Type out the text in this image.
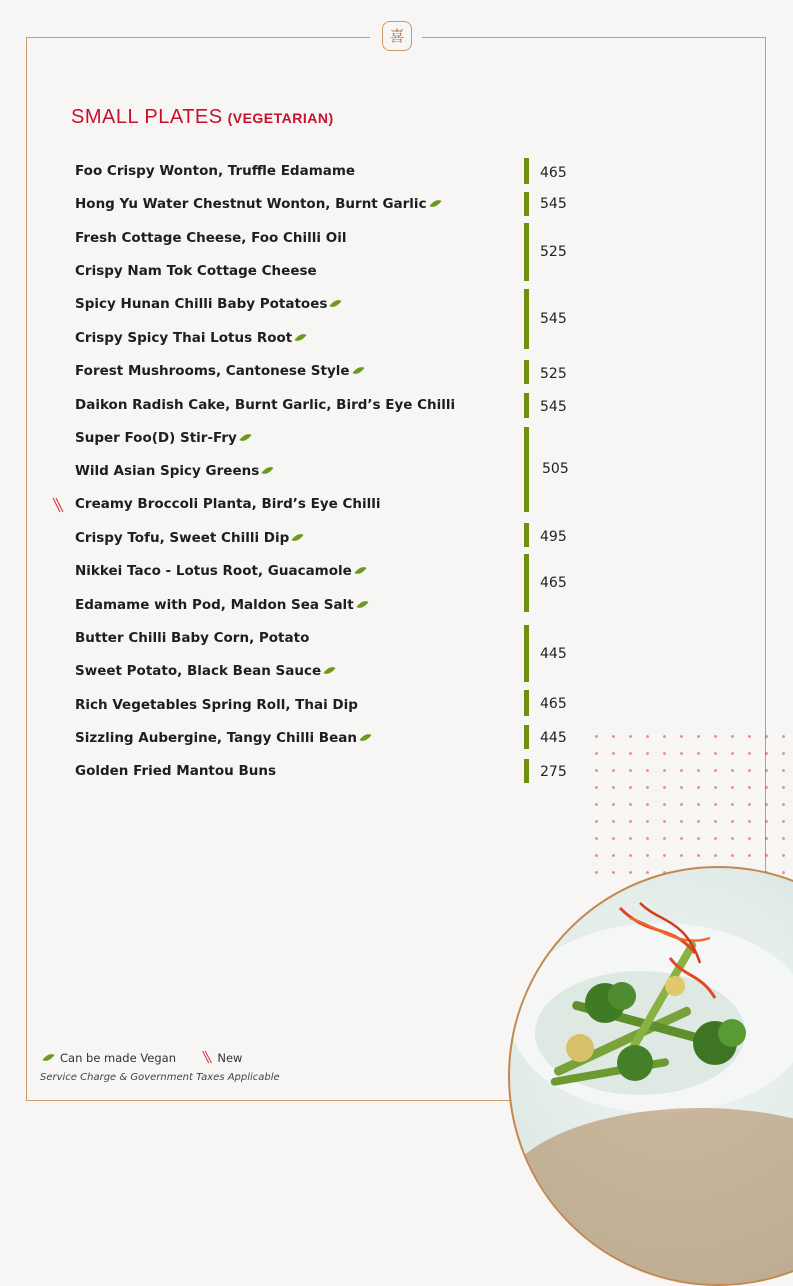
喜
SMALL PLATES (VEGETARIAN)
Foo Crispy Wonton, Truffle Edamame
Hong Yu Water Chestnut Wonton, Burnt Garlic
Fresh Cottage Cheese, Foo Chilli Oil
Crispy Nam Tok Cottage Cheese
Spicy Hunan Chilli Baby Potatoes
Crispy Spicy Thai Lotus Root
Forest Mushrooms, Cantonese Style
Daikon Radish Cake, Burnt Garlic, Bird’s Eye Chilli
Super Foo(D) Stir-Fry
Wild Asian Spicy Greens
Creamy Broccoli Planta, Bird’s Eye Chilli
Crispy Tofu, Sweet Chilli Dip
Nikkei Taco - Lotus Root, Guacamole
Edamame with Pod, Maldon Sea Salt
Butter Chilli Baby Corn, Potato
Sweet Potato, Black Bean Sauce
Rich Vegetables Spring Roll, Thai Dip
Sizzling Aubergine, Tangy Chilli Bean
Golden Fried Mantou Buns
465
545
525
545
525
545
505
495
465
445
465
445
275
Can be made Vegan	New
Service Charge & Government Taxes Applicable
